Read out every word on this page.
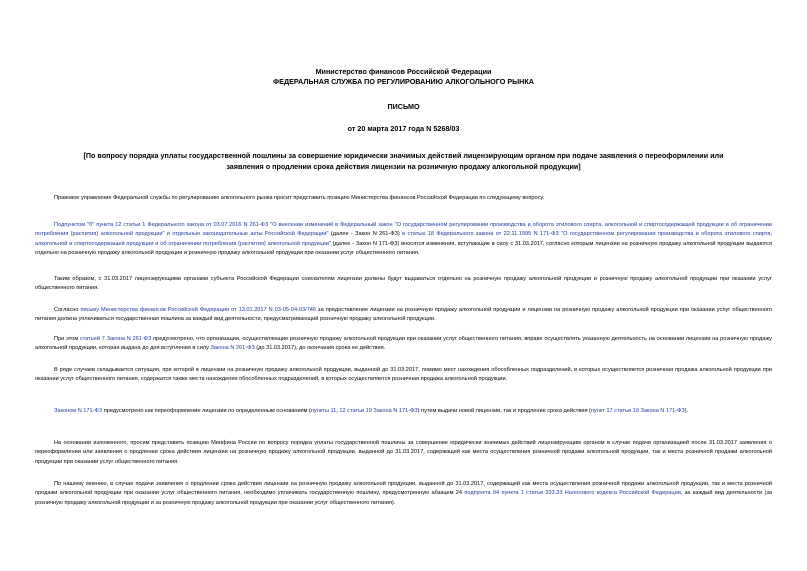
Министерство финансов Российской Федерации
ФЕДЕРАЛЬНАЯ СЛУЖБА ПО РЕГУЛИРОВАНИЮ АЛКОГОЛЬНОГО РЫНКА
ПИСЬМО
от 20 марта 2017 года N 5268/03
[По вопросу порядка уплаты государственной пошлины за совершение юридически значимых действий лицензирующим органом при подаче заявления о переоформлении или заявления о продлении срока действия лицензии на розничную продажу алкогольной продукции]

Правовое управление Федеральной службы по регулированию алкогольного рынка просит представить позицию Министерства финансов Российской Федерации по следующему вопросу.

Подпунктом "б" пункта 12 статьи 1 Федерального закона от 03.07.2016 N 261-ФЗ "О внесении изменений в Федеральный закон "О государственном регулировании производства и оборота этилового спирта, алкогольной и спиртосодержащей продукции и об ограничении потребления (распития) алкогольной продукции" и отдельные законодательные акты Российской Федерации" (далее - Закон N 261-ФЗ) в статью 18 Федерального закона от 22.11.1995 N 171-ФЗ "О государственном регулировании производства и оборота этилового спирта, алкогольной и спиртосодержащей продукции и об ограничении потребления (распития) алкогольной продукции" (далее - Закон N 171-ФЗ) вносятся изменения, вступающие в силу с 31.03.2017, согласно которым лицензии на розничную продажу алкогольной продукции выдаются отдельно на розничную продажу алкогольной продукции и розничную продажу алкогольной продукции при оказании услуг общественного питания.

Таким образом, с 31.03.2017 лицензирующими органами субъекта Российской Федерации соискателям лицензии должны будут выдаваться отдельно на розничную продажу алкогольной продукции и розничную продажу алкогольной продукции при оказании услуг общественного питания.

Согласно письму Министерства финансов Российской Федерации от 13.01.2017 N 03-05-04-03/746 за предоставление лицензии на розничную продажу алкогольной продукции и лицензии на розничную продажу алкогольной продукции при оказании услуг общественного питания должна уплачиваться государственная пошлина за каждый вид деятельности, предусматривающий розничную продажу алкогольной продукции.

При этом статьей 7 Закона N 261-ФЗ предусмотрено, что организации, осуществляющие розничную продажу алкогольной продукции при оказании услуг общественного питания, вправе осуществлять указанную деятельность на основании лицензии на розничную продажу алкогольной продукции, которая выдана до дня вступления в силу Закона N 261-ФЗ (до 31.03.2017), до окончания срока ее действия.

В ряде случаев складывается ситуация, при которой в лицензии на розничную продажу алкогольной продукции, выданной до 31.03.2017, помимо мест нахождения обособленных подразделений, в которых осуществляется розничная продажа алкогольной продукции при оказании услуг общественного питания, содержатся также места нахождения обособленных подразделений, в которых осуществляется розничная продажа алкогольной продукции.

Законом N 171-ФЗ предусмотрено как переоформление лицензии по определенным основаниям (пункты 11, 12 статьи 19 Закона N 171-ФЗ) путем выдачи новой лицензии, так и продление срока действия (пункт 17 статьи 19 Закона N 171-ФЗ).

На основании изложенного, просим представить позицию Минфина России по вопросу порядка уплаты государственной пошлины за совершение юридически значимых действий лицензирующим органом в случае подачи организацией после 31.03.2017 заявления о переоформлении или заявления о продлении срока действия лицензии на розничную продажу алкогольной продукции, выданной до 31.03.2017, содержащей как места осуществления розничной продажи алкогольной продукции, так и места розничной продажи алкогольной продукции при оказании услуг общественного питания.

По нашему мнению, в случае подачи заявления о продлении срока действия лицензии на розничную продажу алкогольной продукции, выданной до 31.03.2017, содержащей как места осуществления розничной продажи алкогольной продукции, так и места розничной продажи алкогольной продукции при оказании услуг общественного питания, необходимо уплачивать государственную пошлину, предусмотренную абзацем 24 подпункта 94 пункта 1 статьи 333.33 Налогового кодекса Российской Федерации, за каждый вид деятельности (за розничную продажу алкогольной продукции и за розничную продажу алкогольной продукции при оказании услуг общественного питания).
